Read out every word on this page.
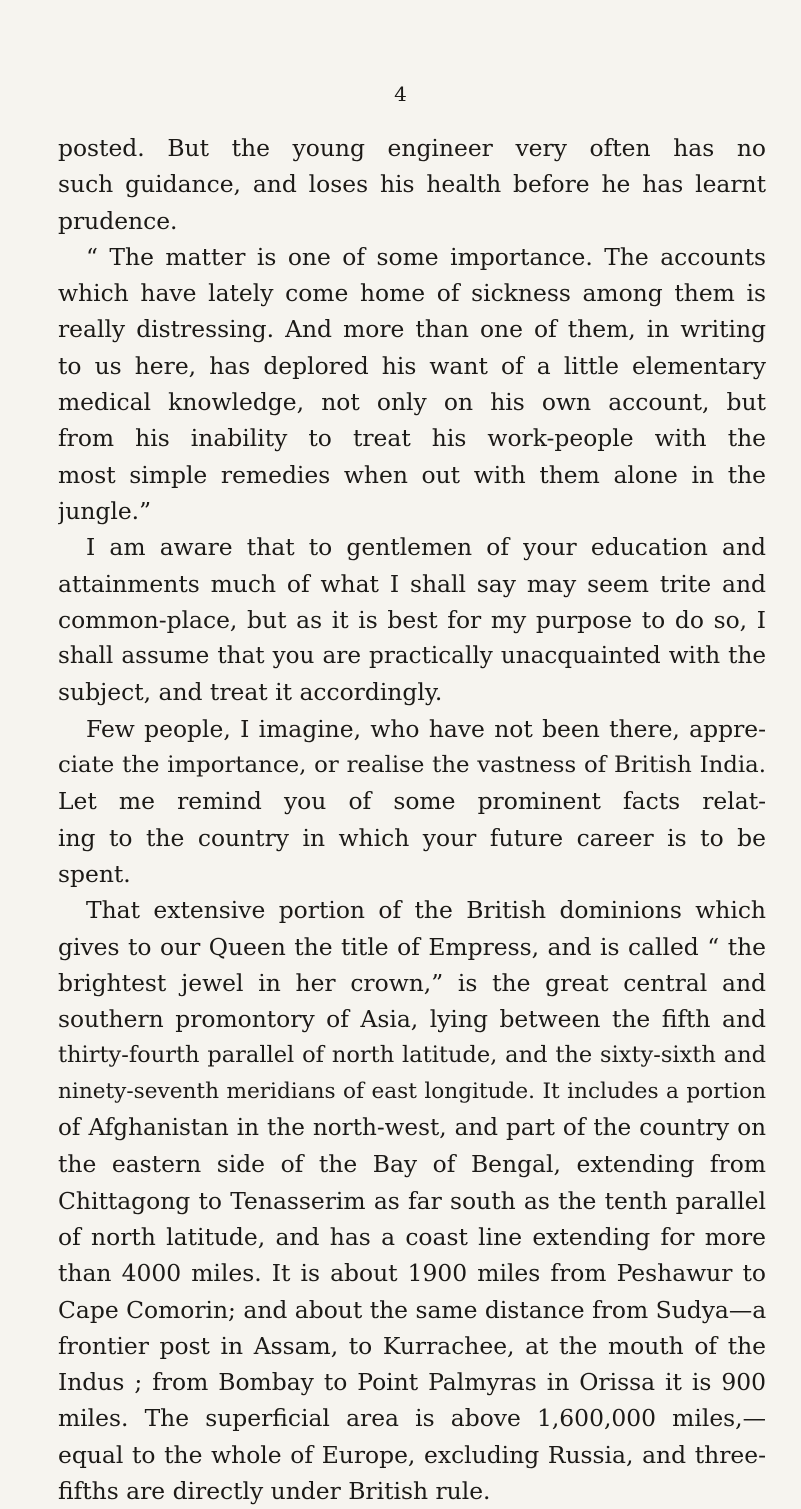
4
posted. But the young engineer very often has no
such guidance, and loses his health before he has learnt
prudence.
“ The matter is one of some importance. The accounts
which have lately come home of sickness among them is
really distressing. And more than one of them, in writing
to us here, has deplored his want of a little elementary
medical knowledge, not only on his own account, but
from his inability to treat his work-people with the
most simple remedies when out with them alone in the
jungle.”
I am aware that to gentlemen of your education and
attainments much of what I shall say may seem trite and
common-place, but as it is best for my purpose to do so, I
shall assume that you are practically unacquainted with the
subject, and treat it accordingly.
Few people, I imagine, who have not been there, appre-
ciate the importance, or realise the vastness of British India.
Let me remind you of some prominent facts relat-
ing to the country in which your future career is to be
spent.
That extensive portion of the British dominions which
gives to our Queen the title of Empress, and is called “ the
brightest jewel in her crown,” is the great central and
southern promontory of Asia, lying between the fifth and
thirty-fourth parallel of north latitude, and the sixty-sixth and
ninety-seventh meridians of east longitude. It includes a portion
of Afghanistan in the north-west, and part of the country on
the eastern side of the Bay of Bengal, extending from
Chittagong to Tenasserim as far south as the tenth parallel
of north latitude, and has a coast line extending for more
than 4000 miles. It is about 1900 miles from Peshawur to
Cape Comorin; and about the same distance from Sudya—a
frontier post in Assam, to Kurrachee, at the mouth of the
Indus ; from Bombay to Point Palmyras in Orissa it is 900
miles. The superficial area is above 1,600,000 miles,—
equal to the whole of Europe, excluding Russia, and three-
fifths are directly under British rule.
